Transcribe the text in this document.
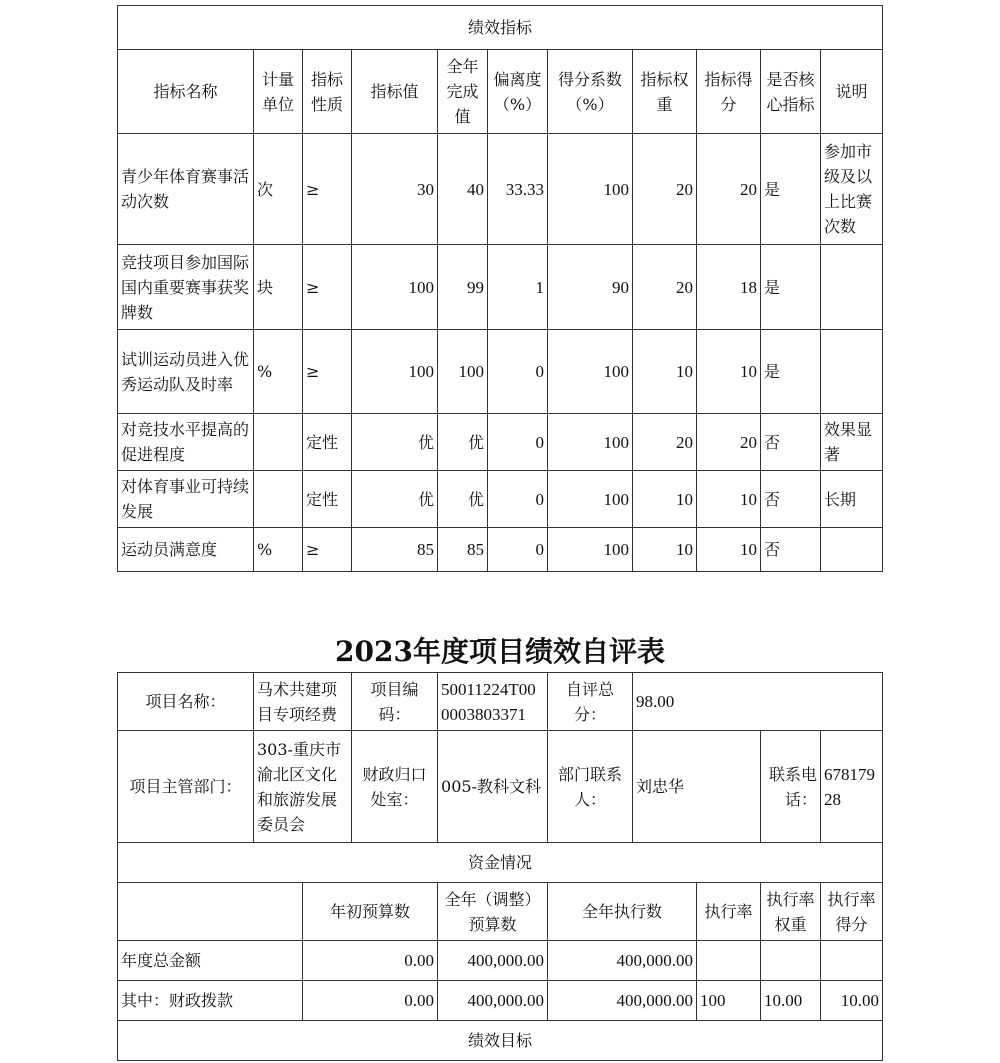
绩效指标										
指标名称	计量单位	指标性质	指标值	全年完成值	偏离度（%）	得分系数（%）	指标权重	指标得分	是否核心指标	说明
青少年体育赛事活动次数	次	≥	30	40	33.33	100	20	20	是	参加市级及以上比赛次数
竞技项目参加国际国内重要赛事获奖牌数	块	≥	100	99	1	90	20	18	是	
试训运动员进入优秀运动队及时率	%	≥	100	100	0	100	10	10	是	
对竞技水平提高的促进程度		定性	优	优	0	100	20	20	否	效果显著
对体育事业可持续发展		定性	优	优	0	100	10	10	否	长期
运动员满意度	%	≥	85	85	0	100	10	10	否	
2023年度项目绩效自评表
项目名称：	马术共建项目专项经费		项目编码：	50011224T000003803371	自评总分：	98.00			
项目主管部门：	303-重庆市渝北区文化和旅游发展委员会		财政归口处室：	005-教科文科	部门联系人：	刘忠华		联系电话：	67817928
资金情况									
		年初预算数		全年（调整）预算数	全年执行数		执行率	执行率权重	执行率得分
年度总金额		0.00		400,000.00	400,000.00				
其中：财政拨款		0.00		400,000.00	400,000.00		100	10.00	10.00
绩效目标									
